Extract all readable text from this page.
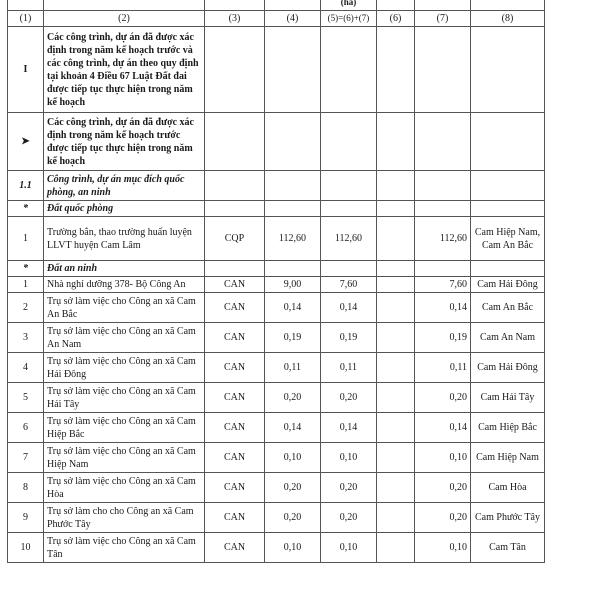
				(ha)			
(1)	(2)	(3)	(4)	(5)=(6)+(7)	(6)	(7)	(8)
I	Các công trình, dự án đã được xác định trong năm kế hoạch trước và các công trình, dự án theo quy định tại khoản 4 Điều 67 Luật Đất đai được tiếp tục thực hiện trong năm kế hoạch						
➤	Các công trình, dự án đã được xác định trong năm kế hoạch trước được tiếp tục thực hiện trong năm kế hoạch						
1.1	Công trình, dự án mục đích quốc phòng, an ninh						
*	Đất quốc phòng						
1	Trường bắn, thao trường huấn luyện LLVT huyện Cam Lâm	CQP	112,60	112,60		112,60	Cam Hiệp Nam, Cam An Bắc
*	Đất an ninh						
1	Nhà nghỉ dưỡng 378- Bộ Công An	CAN	9,00	7,60		7,60	Cam Hải Đông
2	Trụ sở làm việc cho Công an xã Cam An Bắc	CAN	0,14	0,14		0,14	Cam An Bắc
3	Trụ sở làm việc cho Công an xã Cam An Nam	CAN	0,19	0,19		0,19	Cam An Nam
4	Trụ sở làm việc cho Công an xã Cam Hải Đông	CAN	0,11	0,11		0,11	Cam Hải Đông
5	Trụ sở làm việc cho Công an xã Cam Hải Tây	CAN	0,20	0,20		0,20	Cam Hải Tây
6	Trụ sở làm việc cho Công an xã Cam Hiệp Bắc	CAN	0,14	0,14		0,14	Cam Hiệp Bắc
7	Trụ sở làm việc cho Công an xã Cam Hiệp Nam	CAN	0,10	0,10		0,10	Cam Hiệp Nam
8	Trụ sở làm việc cho Công an xã Cam Hòa	CAN	0,20	0,20		0,20	Cam Hòa
9	Trụ sở làm cho cho Công an xã Cam Phước Tây	CAN	0,20	0,20		0,20	Cam Phước Tây
10	Trụ sở làm việc cho Công an xã Cam Tân	CAN	0,10	0,10		0,10	Cam Tân
